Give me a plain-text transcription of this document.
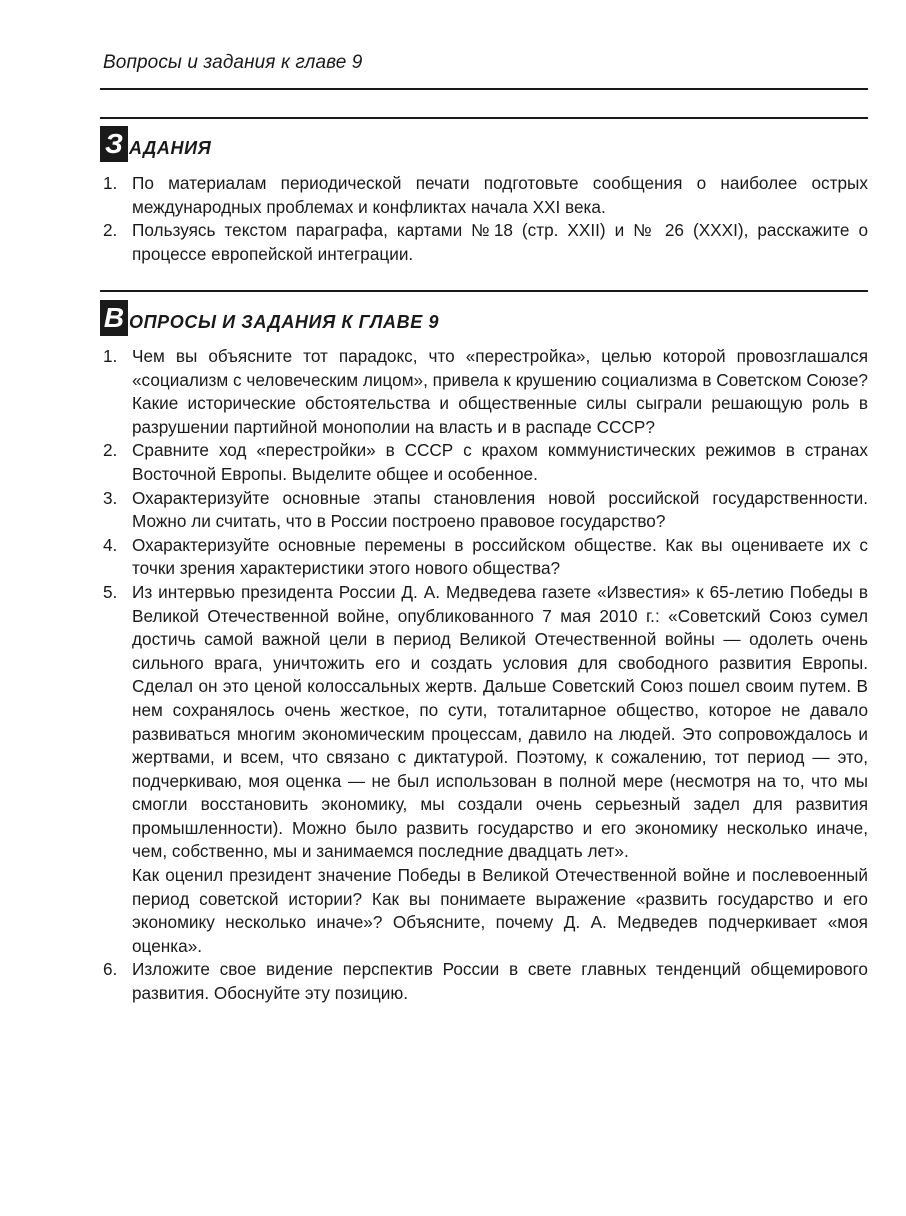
Вопросы и задания к главе 9
З АДАНИЯ
1. По материалам периодической печати подготовьте сообщения о наиболее острых международных проблемах и конфликтах начала XXI века.
2. Пользуясь текстом параграфа, картами №18 (стр. XXII) и № 26 (XXXI), расскажите о процессе европейской интеграции.
В ОПРОСЫ И ЗАДАНИЯ К ГЛАВЕ 9
1. Чем вы объясните тот парадокс, что «перестройка», целью которой провозглашался «социализм с человеческим лицом», привела к крушению социализма в Советском Союзе? Какие исторические обстоятельства и общественные силы сыграли решающую роль в разрушении партийной монополии на власть и в распаде СССР?
2. Сравните ход «перестройки» в СССР с крахом коммунистических режимов в странах Восточной Европы. Выделите общее и особенное.
3. Охарактеризуйте основные этапы становления новой российской государственности. Можно ли считать, что в России построено правовое государство?
4. Охарактеризуйте основные перемены в российском обществе. Как вы оцениваете их с точки зрения характеристики этого нового общества?
5. Из интервью президента России Д. А. Медведева газете «Известия» к 65-летию Победы в Великой Отечественной войне, опубликованного 7 мая 2010 г.: «Советский Союз сумел достичь самой важной цели в период Великой Отечественной войны — одолеть очень сильного врага, уничтожить его и создать условия для свободного развития Европы. Сделал он это ценой колоссальных жертв. Дальше Советский Союз пошел своим путем. В нем сохранялось очень жесткое, по сути, тоталитарное общество, которое не давало развиваться многим экономическим процессам, давило на людей. Это сопровождалось и жертвами, и всем, что связано с диктатурой. Поэтому, к сожалению, тот период — это, подчеркиваю, моя оценка — не был использован в полной мере (несмотря на то, что мы смогли восстановить экономику, мы создали очень серьезный задел для развития промышленности). Можно было развить государство и его экономику несколько иначе, чем, собственно, мы и занимаемся последние двадцать лет».
Как оценил президент значение Победы в Великой Отечественной войне и послевоенный период советской истории? Как вы понимаете выражение «развить государство и его экономику несколько иначе»? Объясните, почему Д. А. Медведев подчеркивает «моя оценка».
6. Изложите свое видение перспектив России в свете главных тенденций общемирового развития. Обоснуйте эту позицию.
